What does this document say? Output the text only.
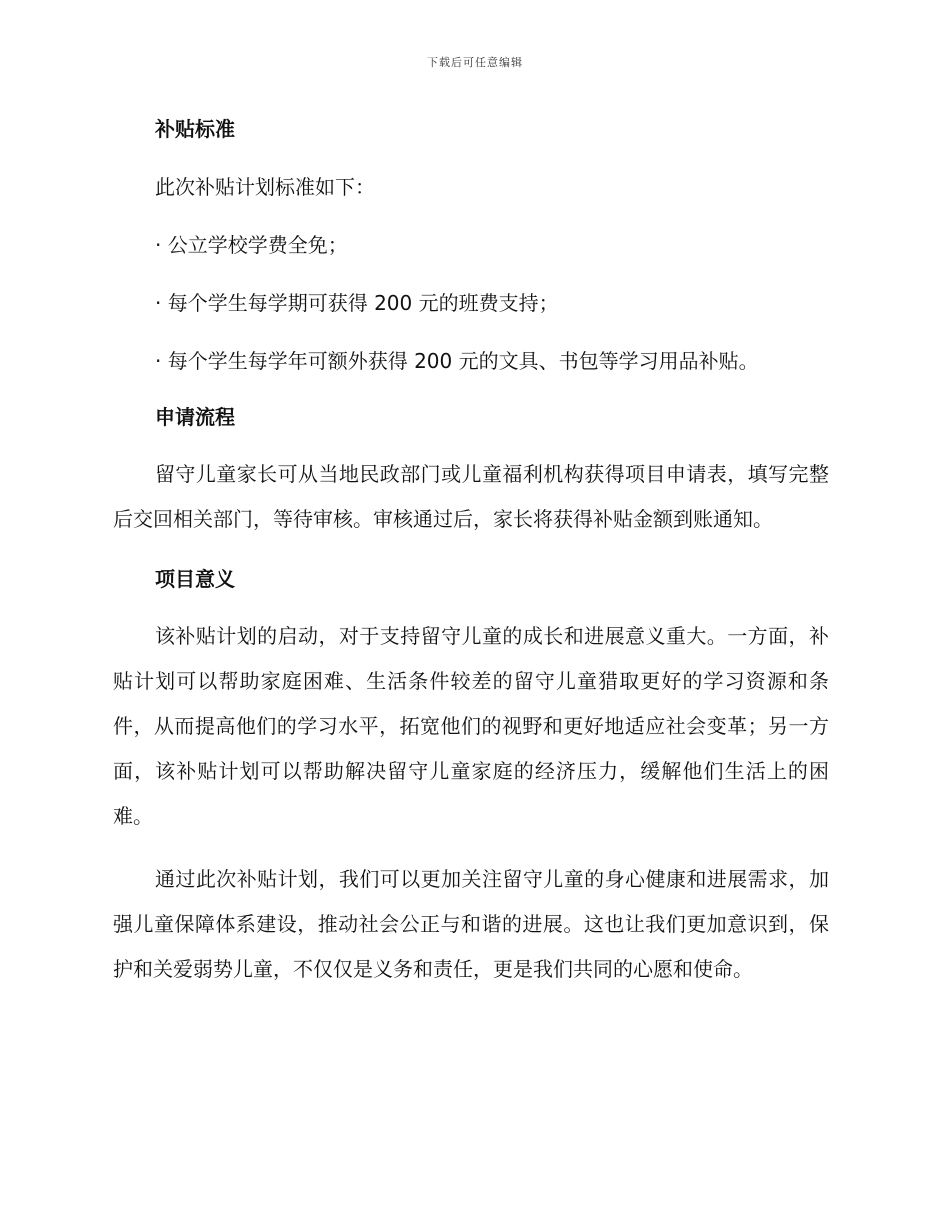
下载后可任意编辑
补贴标准

此次补贴计划标准如下：

· 公立学校学费全免；

· 每个学生每学期可获得 200 元的班费支持；

· 每个学生每学年可额外获得 200 元的文具、书包等学习用品补贴。

申请流程

留守儿童家长可从当地民政部门或儿童福利机构获得项目申请表，填写完整后交回相关部门，等待审核。审核通过后，家长将获得补贴金额到账通知。

项目意义

该补贴计划的启动，对于支持留守儿童的成长和进展意义重大。一方面，补贴计划可以帮助家庭困难、生活条件较差的留守儿童猎取更好的学习资源和条件，从而提高他们的学习水平，拓宽他们的视野和更好地适应社会变革；另一方面，该补贴计划可以帮助解决留守儿童家庭的经济压力，缓解他们生活上的困难。

通过此次补贴计划，我们可以更加关注留守儿童的身心健康和进展需求，加强儿童保障体系建设，推动社会公正与和谐的进展。这也让我们更加意识到，保护和关爱弱势儿童，不仅仅是义务和责任，更是我们共同的心愿和使命。
